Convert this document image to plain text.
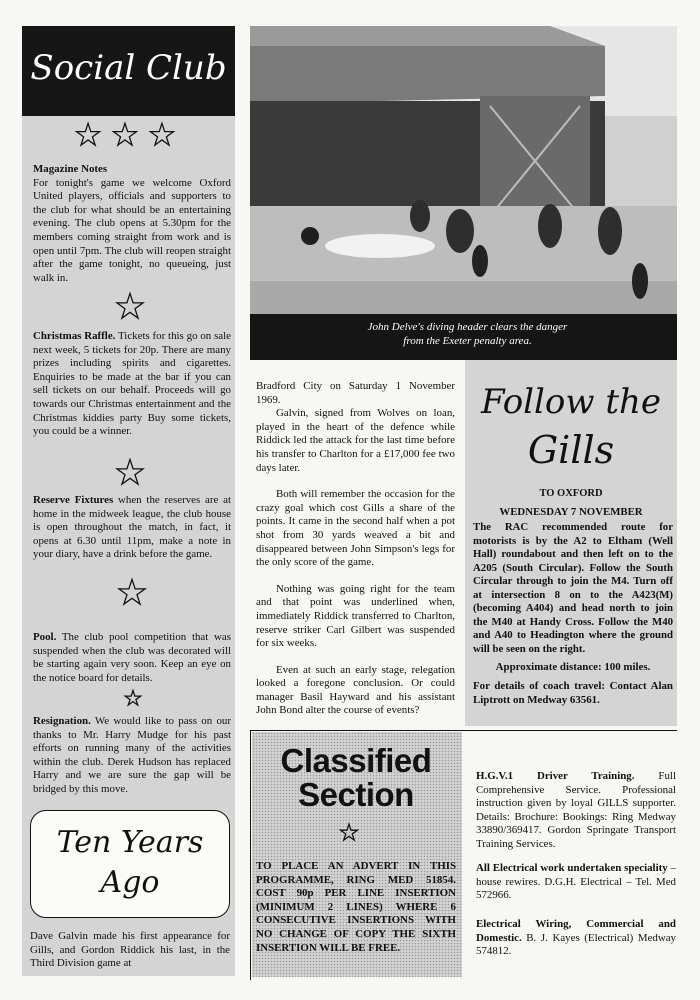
Social Club
★★★
Magazine Notes
For tonight's game we welcome Oxford United players, officials and supporters to the club for what should be an entertaining evening. The club opens at 5.30pm for the members coming straight from work and is open until 7pm. The club will reopen straight after the game tonight, no queueing, just walk in.
★
Christmas Raffle. Tickets for this go on sale next week, 5 tickets for 20p. There are many prizes including spirits and cigarettes. Enquiries to be made at the bar if you can sell tickets on our behalf. Proceeds will go towards our Christmas entertainment and the Christmas kiddies party Buy some tickets, you could be a winner.
★
Reserve Fixtures when the reserves are at home in the midweek league, the club house is open throughout the match, in fact, it opens at 6.30 until 11pm, make a note in your diary, have a drink before the game.
★
Pool. The club pool competition that was suspended when the club was decorated will be starting again very soon. Keep an eye on the notice board for details.
★
Resignation. We would like to pass on our thanks to Mr. Harry Mudge for his past efforts on running many of the activities within the club. Derek Hudson has replaced Harry and we are sure the gap will be bridged by this move.
Ten Years
Ago
Dave Galvin made his first appearance for Gills, and Gordon Riddick his last, in the Third Division game at
John Delve's diving header clears the danger from the Exeter penalty area.

Bradford City on Saturday 1 November 1969.

Galvin, signed from Wolves on loan, played in the heart of the defence while Riddick led the attack for the last time before his transfer to Charlton for a £17,000 fee two days later.

Both will remember the occasion for the crazy goal which cost Gills a share of the points. It came in the second half when a pot shot from 30 yards weaved a bit and disappeared between John Simpson's legs for the only score of the game.

Nothing was going right for the team and that point was underlined when, immediately Riddick transferred to Charlton, reserve striker Carl Gilbert was suspended for six weeks.

Even at such an early stage, relegation looked a foregone conclusion. Or could manager Basil Hayward and his assistant John Bond alter the course of events?

Follow the
Gills
TO OXFORD
WEDNESDAY 7 NOVEMBER
The RAC recommended route for motorists is by the A2 to Eltham (Well Hall) roundabout and then left on to the A205 (South Circular). Follow the South Circular through to join the M4. Turn off at intersection 8 on to the A423(M) (becoming A404) and head north to join the M40 at Handy Cross. Follow the M40 and A40 to Headington where the ground will be seen on the right.
Approximate distance: 100 miles.
For details of coach travel: Contact Alan Liptrott on Medway 63561.
Classified
Section
★
TO PLACE AN ADVERT IN THIS PROGRAMME, RING MED 51854. COST 90p PER LINE INSERTION (MINIMUM 2 LINES) WHERE 6 CONSECUTIVE INSERTIONS WITH NO CHANGE OF COPY THE SIXTH INSERTION WILL BE FREE.
H.G.V.1 Driver Training. Full Comprehensive Service. Professional instruction given by loyal GILLS supporter. Details: Brochure: Bookings: Ring Medway 33890/369417. Gordon Springate Transport Training Services.
All Electrical work undertaken speciality – house rewires. D.G.H. Electrical – Tel. Med 572966.
Electrical Wiring, Commercial and Domestic. B. J. Kayes (Electrical) Medway 574812.
